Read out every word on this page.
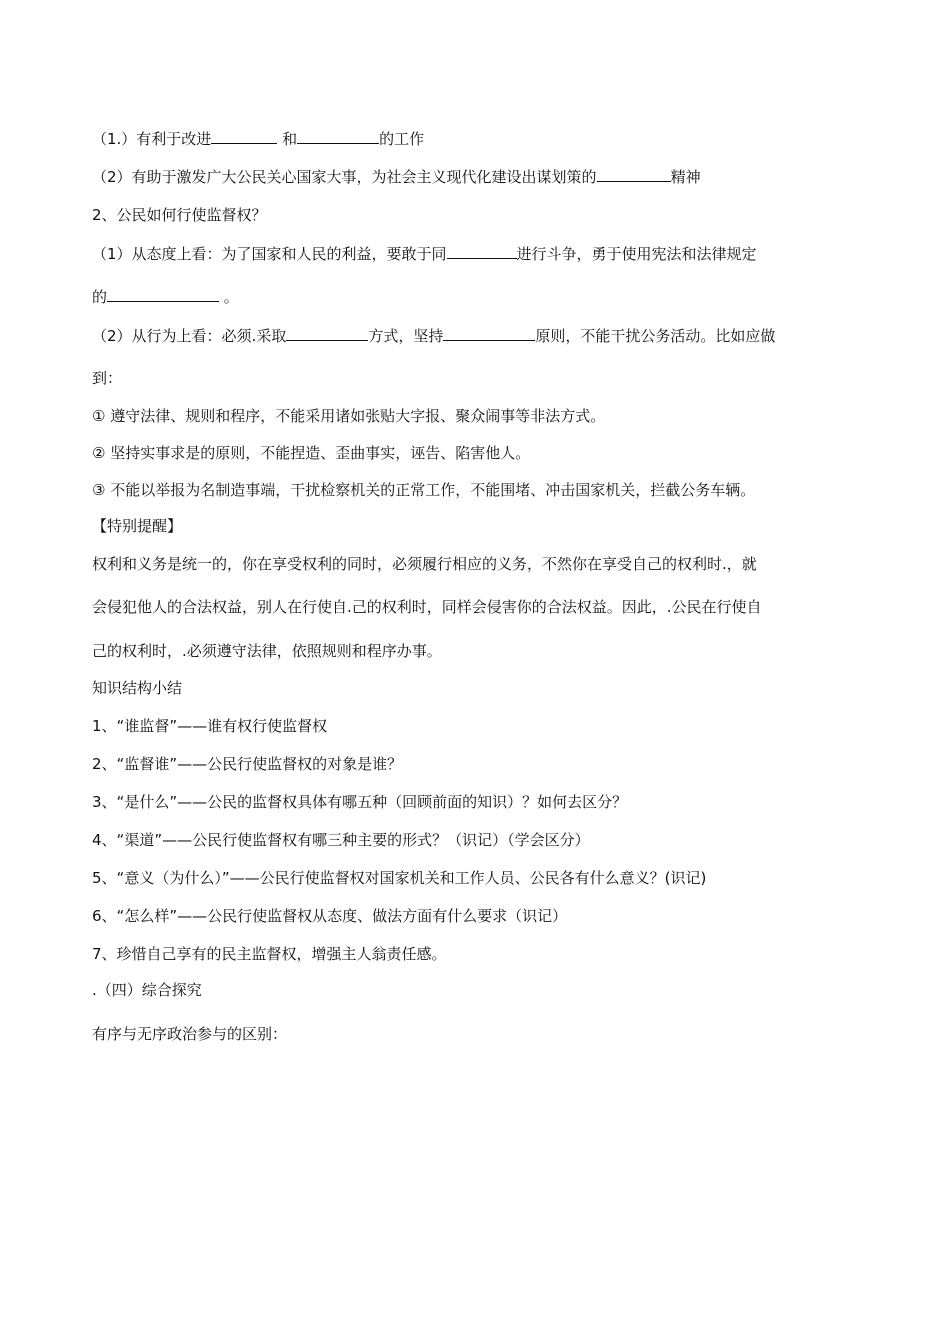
（1.）有利于改进	和	的工作
（2）有助于激发广大公民关心国家大事，为社会主义现代化建设出谋划策的	精神
2、公民如何行使监督权？
（1）从态度上看：为了国家和人民的利益，要敢于同	进行斗争，勇于使用宪法和法律规定
的	。
（2）从行为上看：必须.采取	方式，坚持	原则，不能干扰公务活动。比如应做
到：
① 遵守法律、规则和程序，不能采用诸如张贴大字报、聚众闹事等非法方式。
② 坚持实事求是的原则，不能捏造、歪曲事实，诬告、陷害他人。
③ 不能以举报为名制造事端，干扰检察机关的正常工作，不能围堵、冲击国家机关，拦截公务车辆。
【特别提醒】
权利和义务是统一的，你在享受权利的同时，必须履行相应的义务，不然你在享受自己的权利时.，就
会侵犯他人的合法权益，别人在行使自.己的权利时，同样会侵害你的合法权益。因此，.公民在行使自
己的权利时，.必须遵守法律，依照规则和程序办事。
知识结构小结
1、“谁监督”——谁有权行使监督权
2、“监督谁”——公民行使监督权的对象是谁？
3、“是什么”——公民的监督权具体有哪五种（回顾前面的知识）？如何去区分？
4、“渠道”——公民行使监督权有哪三种主要的形式？（识记）（学会区分）
5、“意义（为什么）”——公民行使监督权对国家机关和工作人员、公民各有什么意义？(识记)
6、“怎么样”——公民行使监督权从态度、做法方面有什么要求（识记）
7、珍惜自己享有的民主监督权，增强主人翁责任感。
.（四）综合探究
有序与无序政治参与的区别：
